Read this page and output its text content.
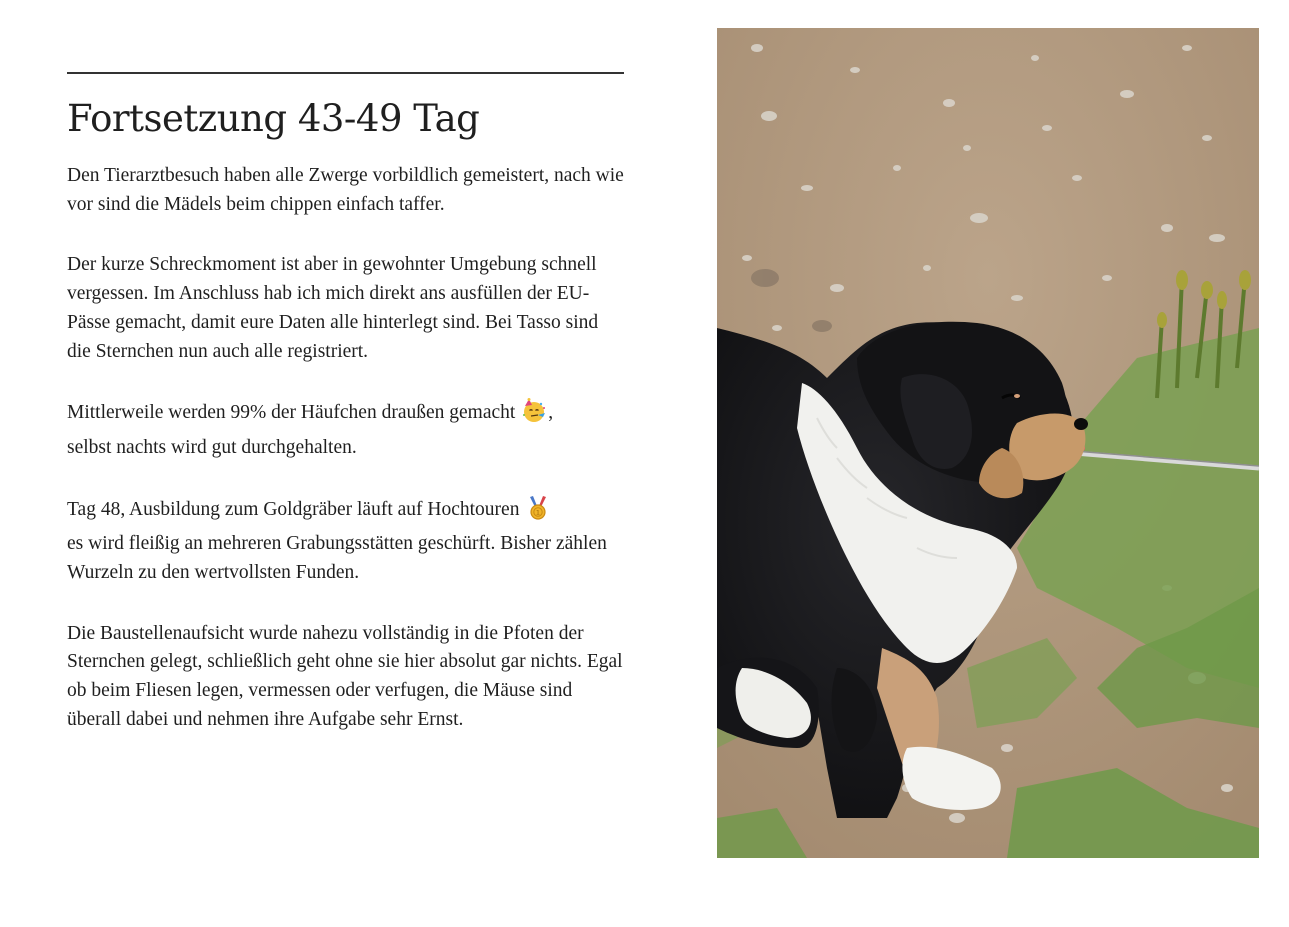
Fortsetzung 43-49 Tag

Den Tierarztbesuch haben alle Zwerge vorbildlich gemeistert, nach wie vor sind die Mädels beim chippen einfach taffer.

Der kurze Schreckmoment ist aber in gewohnter Umgebung schnell vergessen. Im Anschluss hab ich mich direkt ans ausfüllen der EU-Pässe gemacht, damit eure Daten alle hinterlegt sind. Bei Tasso sind die Sternchen nun auch alle registriert.

Mittlerweile werden 99% der Häufchen draußen gemacht ,
selbst nachts wird gut durchgehalten.

Tag 48, Ausbildung zum Goldgräber läuft auf Hochtouren	1
es wird fleißig an mehreren Grabungsstätten geschürft. Bisher zählen Wurzeln zu den wertvollsten Funden.

Die Baustellenaufsicht wurde nahezu vollständig in die Pfoten der Sternchen gelegt, schließlich geht ohne sie hier absolut gar nichts. Egal ob beim Fliesen legen, vermessen oder verfugen, die Mäuse sind überall dabei und nehmen ihre Aufgabe sehr Ernst.
